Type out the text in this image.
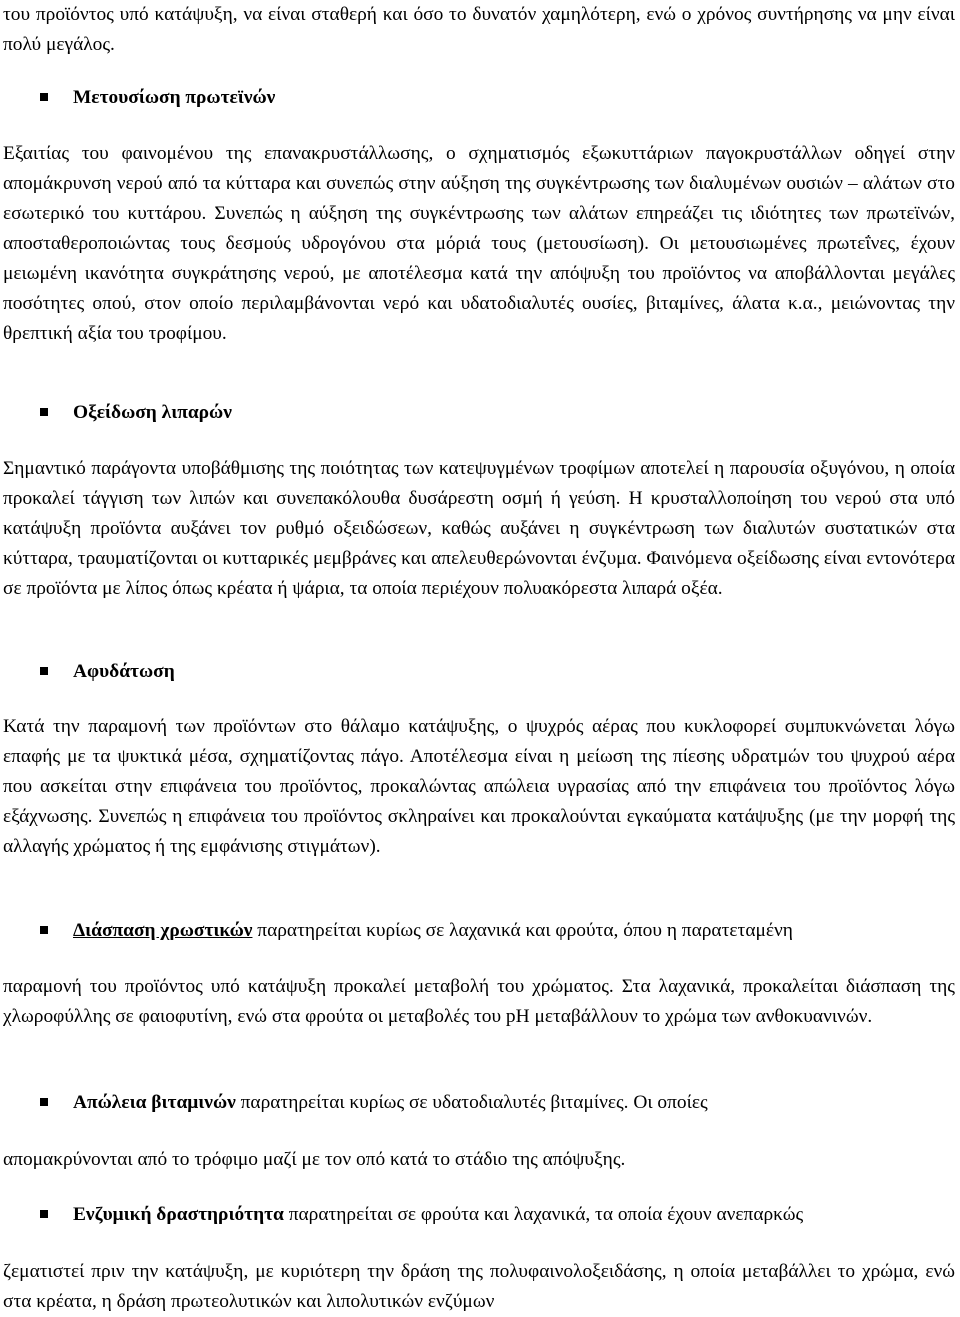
του προϊόντος υπό κατάψυξη, να είναι σταθερή και όσο το δυνατόν χαμηλότερη, ενώ ο χρόνος συντήρησης να μην είναι πολύ μεγάλος.

Μετουσίωση πρωτεϊνών

Εξαιτίας του φαινομένου της επανακρυστάλλωσης, ο σχηματισμός εξωκυττάριων παγοκρυστάλλων οδηγεί στην απομάκρυνση νερού από τα κύτταρα και συνεπώς στην αύξηση της συγκέντρωσης των διαλυμένων ουσιών – αλάτων στο εσωτερικό του κυττάρου. Συνεπώς η αύξηση της συγκέντρωσης των αλάτων επηρεάζει τις ιδιότητες των πρωτεϊνών, αποσταθεροποιώντας τους δεσμούς υδρογόνου στα μόριά τους (μετουσίωση). Οι μετουσιωμένες πρωτεΐνες, έχουν μειωμένη ικανότητα συγκράτησης νερού, με αποτέλεσμα κατά την απόψυξη του προϊόντος να αποβάλλονται μεγάλες ποσότητες οπού, στον οποίο περιλαμβάνονται νερό και υδατοδιαλυτές ουσίες, βιταμίνες, άλατα κ.α., μειώνοντας την θρεπτική αξία του τροφίμου.

Οξείδωση λιπαρών

Σημαντικό παράγοντα υποβάθμισης της ποιότητας των κατεψυγμένων τροφίμων αποτελεί η παρουσία οξυγόνου, η οποία προκαλεί τάγγιση των λιπών και συνεπακόλουθα δυσάρεστη οσμή ή γεύση. Η κρυσταλλοποίηση του νερού στα υπό κατάψυξη προϊόντα αυξάνει τον ρυθμό οξειδώσεων, καθώς αυξάνει η συγκέντρωση των διαλυτών συστατικών στα κύτταρα, τραυματίζονται οι κυτταρικές μεμβράνες και απελευθερώνονται ένζυμα. Φαινόμενα οξείδωσης είναι εντονότερα σε προϊόντα με λίπος όπως κρέατα ή ψάρια, τα οποία περιέχουν πολυακόρεστα λιπαρά οξέα.

Αφυδάτωση

Κατά την παραμονή των προϊόντων στο θάλαμο κατάψυξης, ο ψυχρός αέρας που κυκλοφορεί συμπυκνώνεται λόγω επαφής με τα ψυκτικά μέσα, σχηματίζοντας πάγο. Αποτέλεσμα είναι η μείωση της πίεσης υδρατμών του ψυχρού αέρα που ασκείται στην επιφάνεια του προϊόντος, προκαλώντας απώλεια υγρασίας από την επιφάνεια του προϊόντος λόγω εξάχνωσης. Συνεπώς η επιφάνεια του προϊόντος σκληραίνει και προκαλούνται εγκαύματα κατάψυξης (με την μορφή της αλλαγής χρώματος ή της εμφάνισης στιγμάτων).

Διάσπαση χρωστικών παρατηρείται κυρίως σε λαχανικά και φρούτα, όπου η παρατεταμένη

παραμονή του προϊόντος υπό κατάψυξη προκαλεί μεταβολή του χρώματος. Στα λαχανικά, προκαλείται διάσπαση της χλωροφύλλης σε φαιοφυτίνη, ενώ στα φρούτα οι μεταβολές του pH μεταβάλλουν το χρώμα των ανθοκυανινών.

Απώλεια βιταμινών παρατηρείται κυρίως σε υδατοδιαλυτές βιταμίνες. Οι οποίες

απομακρύνονται από το τρόφιμο μαζί με τον οπό κατά το στάδιο της απόψυξης.

Ενζυμική δραστηριότητα παρατηρείται σε φρούτα και λαχανικά, τα οποία έχουν ανεπαρκώς

ζεματιστεί πριν την κατάψυξη, με κυριότερη την δράση της πολυφαινολοξειδάσης, η οποία μεταβάλλει το χρώμα, ενώ στα κρέατα, η δράση πρωτεολυτικών και λιπολυτικών ενζύμων
